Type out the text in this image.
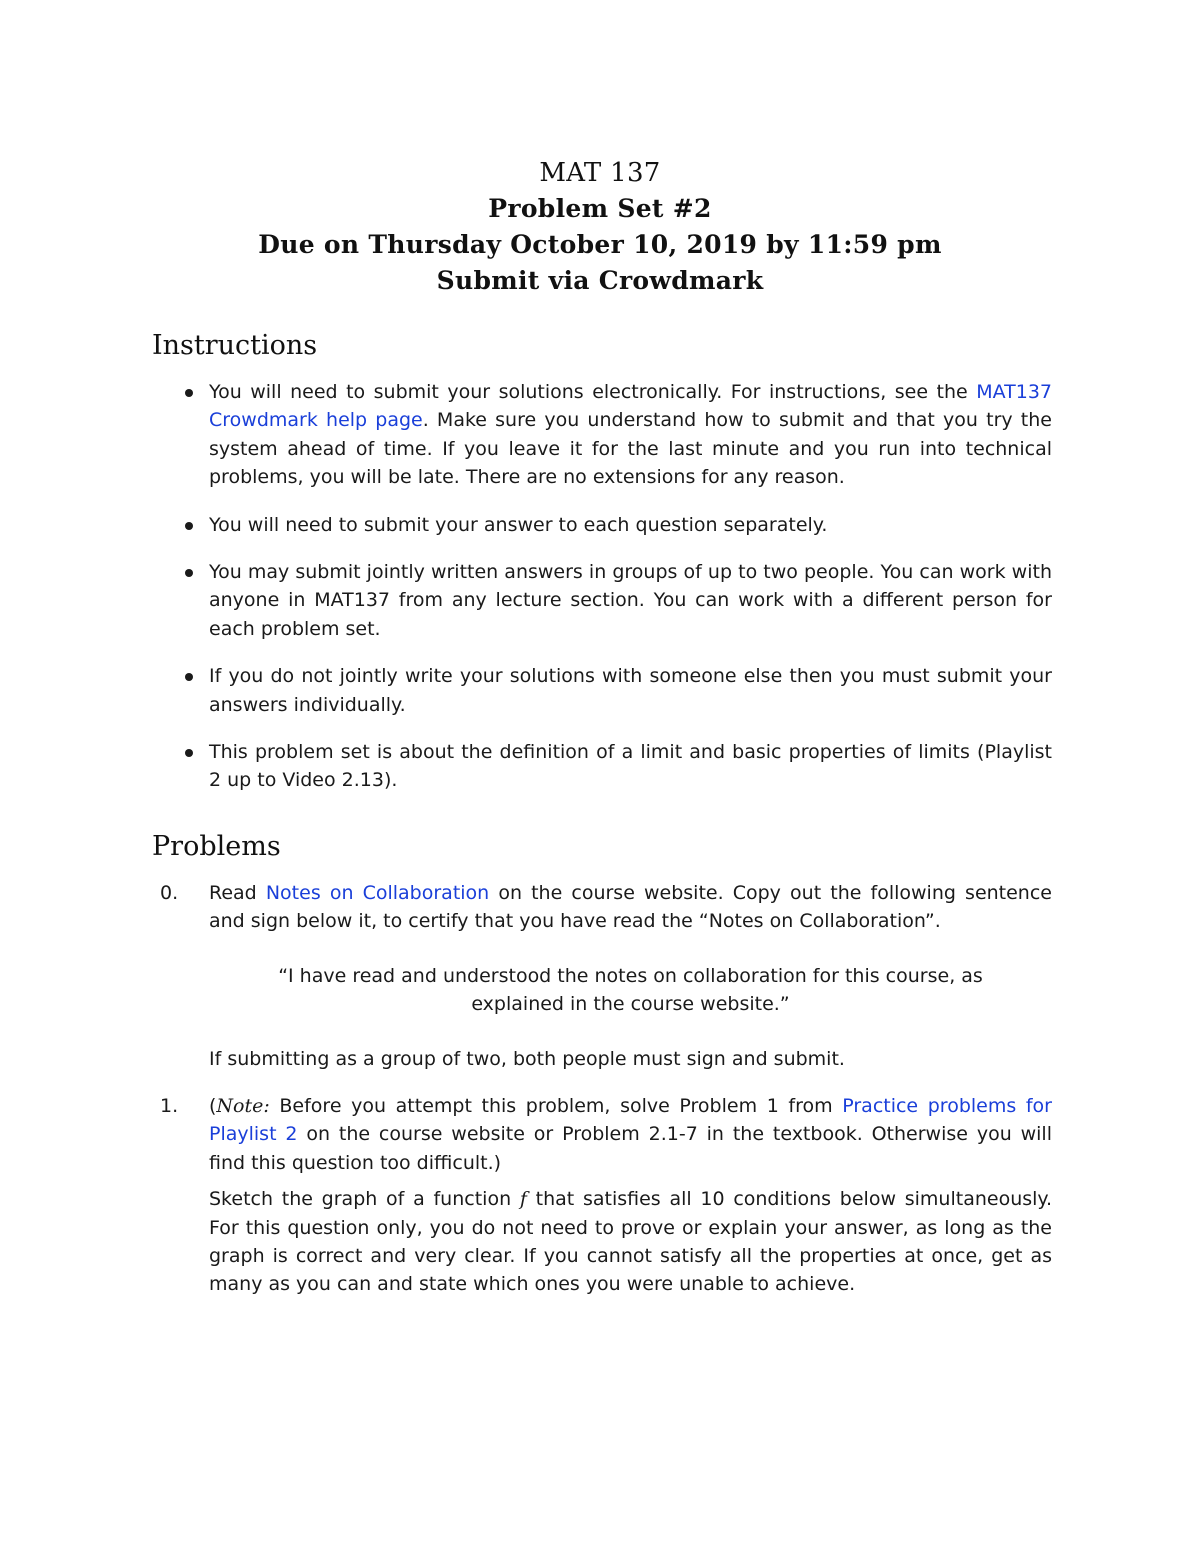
MAT 137
Problem Set #2
Due on Thursday October 10, 2019 by 11:59 pm
Submit via Crowdmark
Instructions
You will need to submit your solutions electronically. For instructions, see the MAT137 Crowdmark help page. Make sure you understand how to submit and that you try the system ahead of time. If you leave it for the last minute and you run into technical problems, you will be late. There are no extensions for any reason.
You will need to submit your answer to each question separately.
You may submit jointly written answers in groups of up to two people. You can work with anyone in MAT137 from any lecture section. You can work with a different person for each problem set.
If you do not jointly write your solutions with someone else then you must submit your answers individually.
This problem set is about the definition of a limit and basic properties of limits (Playlist 2 up to Video 2.13).
Problems
0. Read Notes on Collaboration on the course website. Copy out the following sentence and sign below it, to certify that you have read the “Notes on Collaboration”.
“I have read and understood the notes on collaboration for this course, as explained in the course website.”
If submitting as a group of two, both people must sign and submit.
1. (Note: Before you attempt this problem, solve Problem 1 from Practice problems for Playlist 2 on the course website or Problem 2.1-7 in the textbook. Otherwise you will find this question too difficult.)
Sketch the graph of a function f that satisfies all 10 conditions below simultaneously. For this question only, you do not need to prove or explain your answer, as long as the graph is correct and very clear. If you cannot satisfy all the properties at once, get as many as you can and state which ones you were unable to achieve.
